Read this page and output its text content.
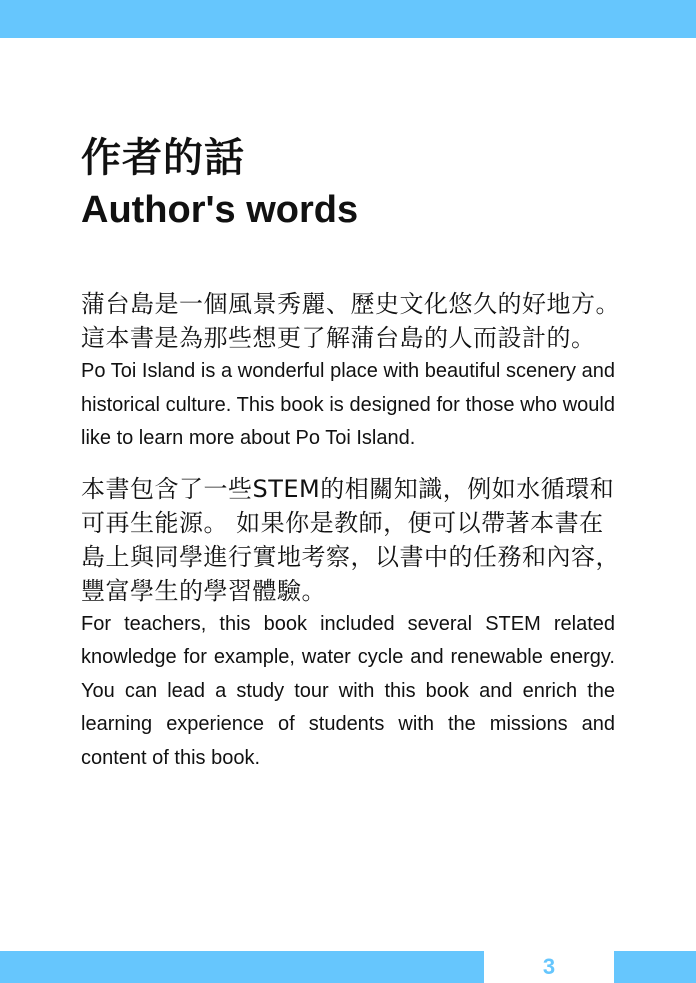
作者的話
Author's words

蒲台島是一個風景秀麗、歷史文化悠久的好地方。

這本書是為那些想更了解蒲台島的人而設計的。

Po Toi Island is a wonderful place with beautiful scenery and historical culture. This book is designed for those who would like to learn more about Po Toi Island.

本書包含了一些STEM的相關知識，例如水循環和

可再生能源。 如果你是教師，便可以帶著本書在

島上與同學進行實地考察，以書中的任務和內容，

豐富學生的學習體驗。

For teachers, this book included several STEM related knowledge for example, water cycle and renewable energy. You can lead a study tour with this book and enrich the learning experience of students with the missions and content of this book.

3
